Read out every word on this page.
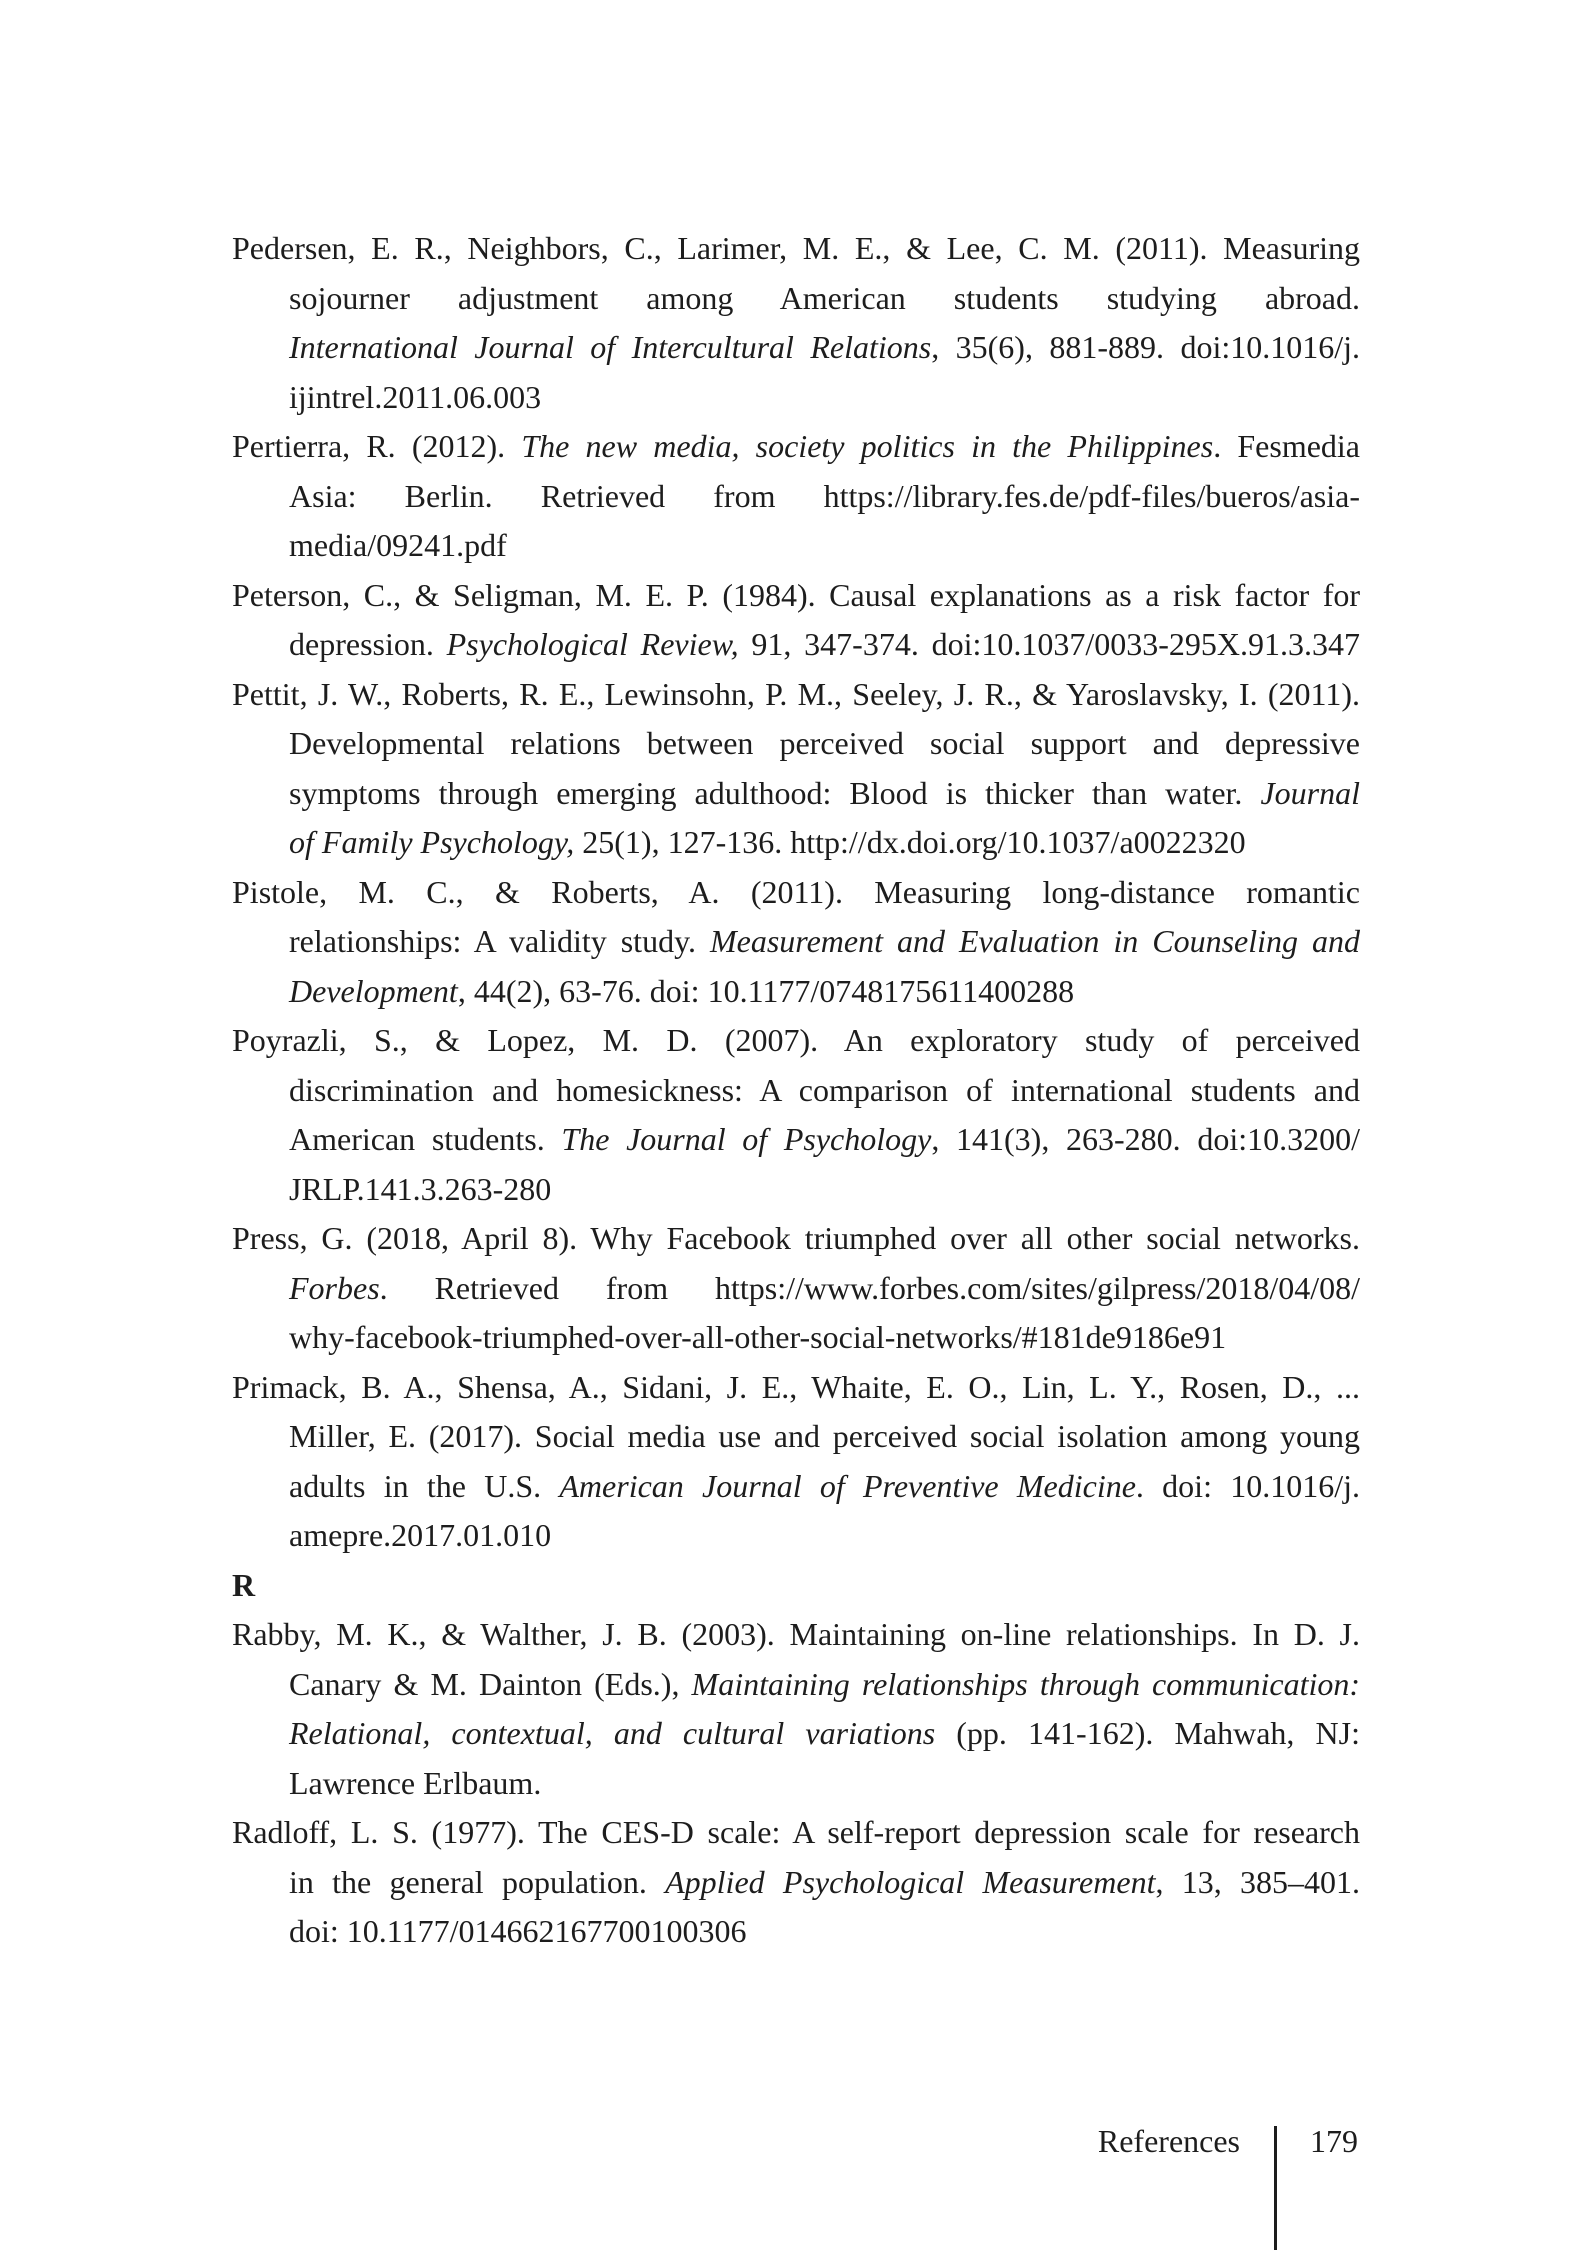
Pedersen, E. R., Neighbors, C., Larimer, M. E., & Lee, C. M. (2011). Measuring
sojourner adjustment among American students studying abroad.
International Journal of Intercultural Relations, 35(6), 881-889. doi:10.1016/j.
ijintrel.2011.06.003
Pertierra, R. (2012). The new media, society politics in the Philippines. Fesmedia
Asia: Berlin. Retrieved from https://library.fes.de/pdf-files/bueros/asia-
media/09241.pdf
Peterson, C., & Seligman, M. E. P. (1984). Causal explanations as a risk factor for
depression. Psychological Review, 91, 347-374. doi:10.1037/0033-295X.91.3.347
Pettit, J. W., Roberts, R. E., Lewinsohn, P. M., Seeley, J. R., & Yaroslavsky, I. (2011).
Developmental relations between perceived social support and depressive
symptoms through emerging adulthood: Blood is thicker than water. Journal
of Family Psychology, 25(1), 127-136. http://dx.doi.org/10.1037/a0022320
Pistole, M. C., & Roberts, A. (2011). Measuring long-distance romantic
relationships: A validity study. Measurement and Evaluation in Counseling and
Development, 44(2), 63-76. doi: 10.1177/0748175611400288
Poyrazli, S., & Lopez, M. D. (2007). An exploratory study of perceived
discrimination and homesickness: A comparison of international students and
American students. The Journal of Psychology, 141(3), 263-280. doi:10.3200/
JRLP.141.3.263-280
Press, G. (2018, April 8). Why Facebook triumphed over all other social networks.
Forbes. Retrieved from https://www.forbes.com/sites/gilpress/2018/04/08/
why-facebook-triumphed-over-all-other-social-networks/#181de9186e91
Primack, B. A., Shensa, A., Sidani, J. E., Whaite, E. O., Lin, L. Y., Rosen, D., ...
Miller, E. (2017). Social media use and perceived social isolation among young
adults in the U.S. American Journal of Preventive Medicine. doi: 10.1016/j.
amepre.2017.01.010
R
Rabby, M. K., & Walther, J. B. (2003). Maintaining on-line relationships. In D. J.
Canary & M. Dainton (Eds.), Maintaining relationships through communication:
Relational, contextual, and cultural variations (pp. 141-162). Mahwah, NJ:
Lawrence Erlbaum.
Radloff, L. S. (1977). The CES-D scale: A self-report depression scale for research
in the general population. Applied Psychological Measurement, 13, 385–401.
doi: 10.1177/014662167700100306
References 179
